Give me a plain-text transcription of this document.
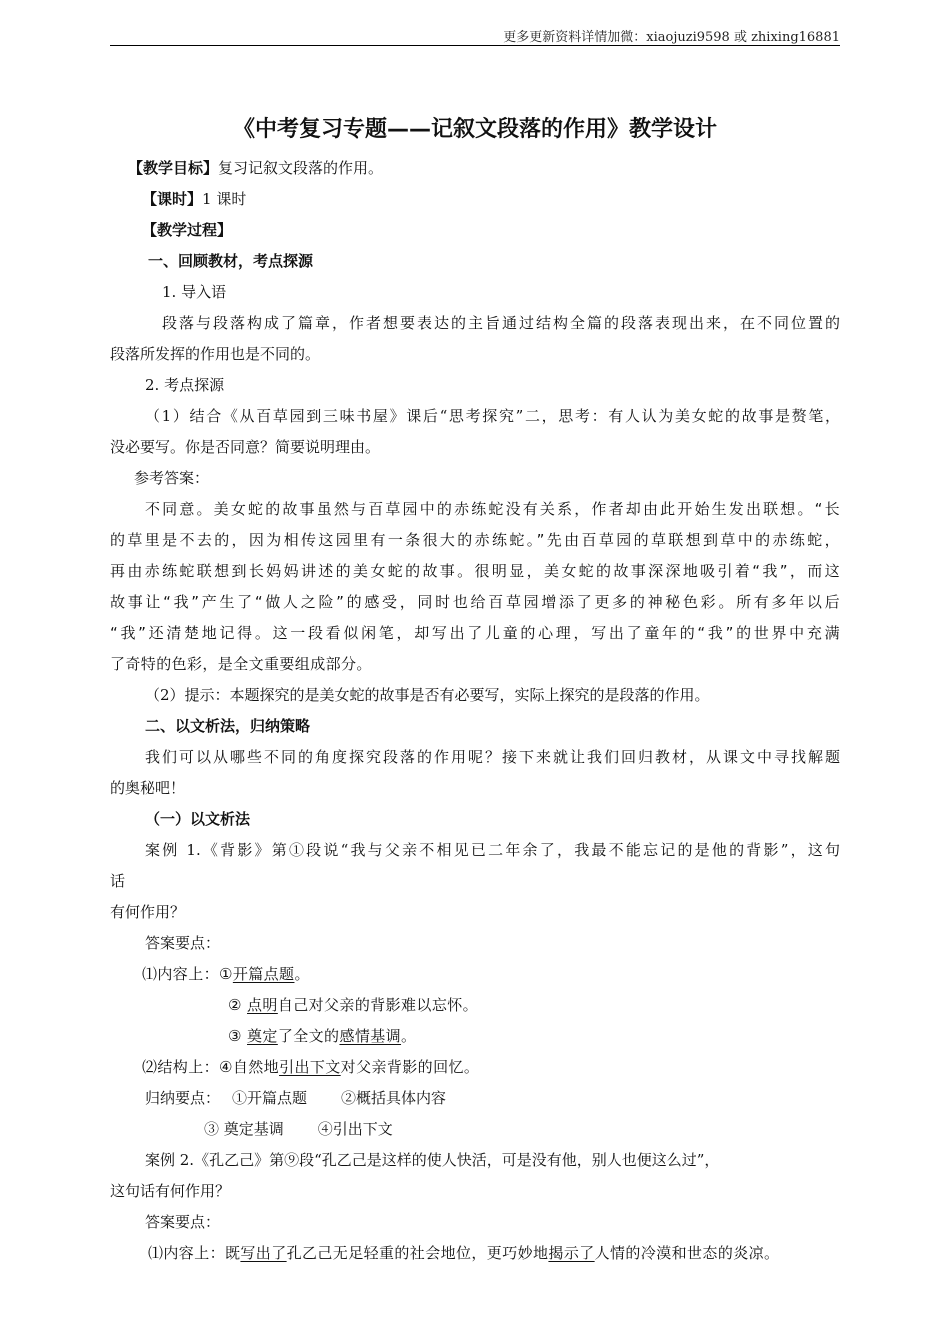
更多更新资料详情加微：xiaojuzi9598 或 zhixing16881
《中考复习专题——记叙文段落的作用》教学设计
【教学目标】复习记叙文段落的作用。
【课时】1 课时
【教学过程】
一、回顾教材，考点探源
1. 导入语
段落与段落构成了篇章，作者想要表达的主旨通过结构全篇的段落表现出来，在不同位置的
段落所发挥的作用也是不同的。
2. 考点探源
（1）结合《从百草园到三味书屋》课后“思考探究”二，思考：有人认为美女蛇的故事是赘笔，
没必要写。你是否同意？简要说明理由。
参考答案：
不同意。美女蛇的故事虽然与百草园中的赤练蛇没有关系，作者却由此开始生发出联想。“长
的草里是不去的，因为相传这园里有一条很大的赤练蛇。”先由百草园的草联想到草中的赤练蛇，
再由赤练蛇联想到长妈妈讲述的美女蛇的故事。很明显，美女蛇的故事深深地吸引着“我”，而这
故事让“我”产生了“做人之险”的感受，同时也给百草园增添了更多的神秘色彩。所有多年以后
“我”还清楚地记得。这一段看似闲笔，却写出了儿童的心理，写出了童年的“我”的世界中充满
了奇特的色彩，是全文重要组成部分。
（2）提示：本题探究的是美女蛇的故事是否有必要写，实际上探究的是段落的作用。
二、以文析法，归纳策略
我们可以从哪些不同的角度探究段落的作用呢？接下来就让我们回归教材，从课文中寻找解题
的奥秘吧！
（一）以文析法
案例 1.《背影》第①段说“我与父亲不相见已二年余了，我最不能忘记的是他的背影”，这句
话
有何作用？
答案要点：
⑴内容上：①开篇点题。
② 点明自己对父亲的背影难以忘怀。
③ 奠定了全文的感情基调。
⑵结构上：④自然地引出下文对父亲背影的回忆。
归纳要点： ①开篇点题 ②概括具体内容
③ 奠定基调 ④引出下文
案例 2.《孔乙己》第⑨段“孔乙己是这样的使人快活，可是没有他，别人也便这么过”，
这句话有何作用？
答案要点：
⑴内容上：既写出了孔乙己无足轻重的社会地位，更巧妙地揭示了人情的冷漠和世态的炎凉。
